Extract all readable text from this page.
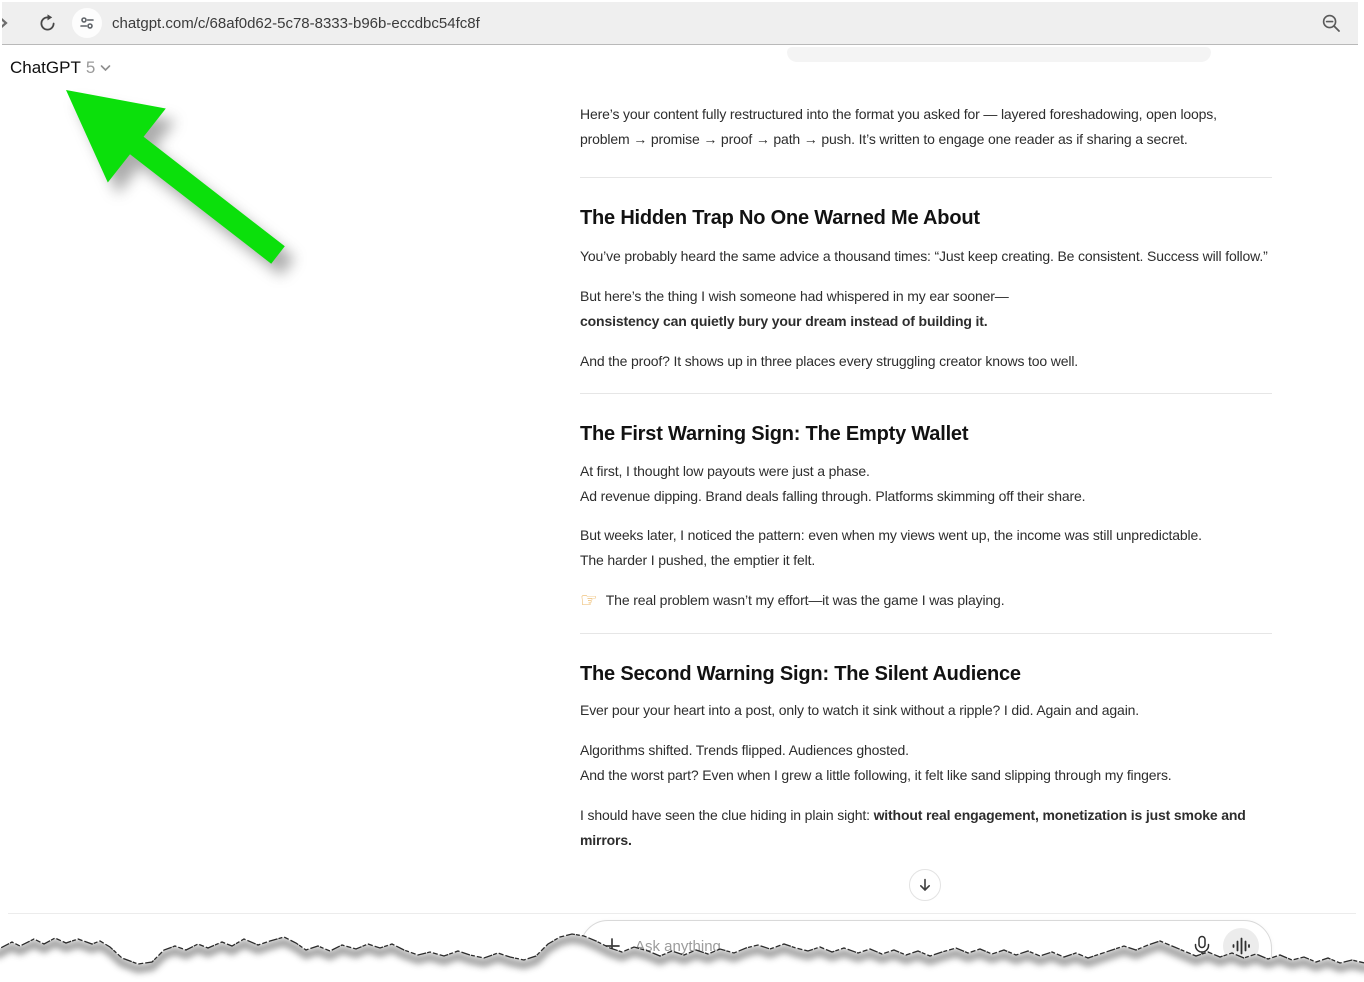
chatgpt.com/c/68af0d62-5c78-8333-b96b-eccdbc54fc8f
ChatGPT 5

Here’s your content fully restructured into the format you asked for — layered foreshadowing, open loops, problem → promise → proof → path → push. It’s written to engage one reader as if sharing a secret.

The Hidden Trap No One Warned Me About

You’ve probably heard the same advice a thousand times: “Just keep creating. Be consistent. Success will follow.”

But here’s the thing I wish someone had whispered in my ear sooner— consistency can quietly bury your dream instead of building it.

And the proof? It shows up in three places every struggling creator knows too well.

The First Warning Sign: The Empty Wallet

At first, I thought low payouts were just a phase. Ad revenue dipping. Brand deals falling through. Platforms skimming off their share.

But weeks later, I noticed the pattern: even when my views went up, the income was still unpredictable. The harder I pushed, the emptier it felt.

☞ The real problem wasn’t my effort—it was the game I was playing.

The Second Warning Sign: The Silent Audience

Ever pour your heart into a post, only to watch it sink without a ripple? I did. Again and again.

Algorithms shifted. Trends flipped. Audiences ghosted. And the worst part? Even when I grew a little following, it felt like sand slipping through my fingers.

I should have seen the clue hiding in plain sight: without real engagement, monetization is just smoke and mirrors.

Ask anything
